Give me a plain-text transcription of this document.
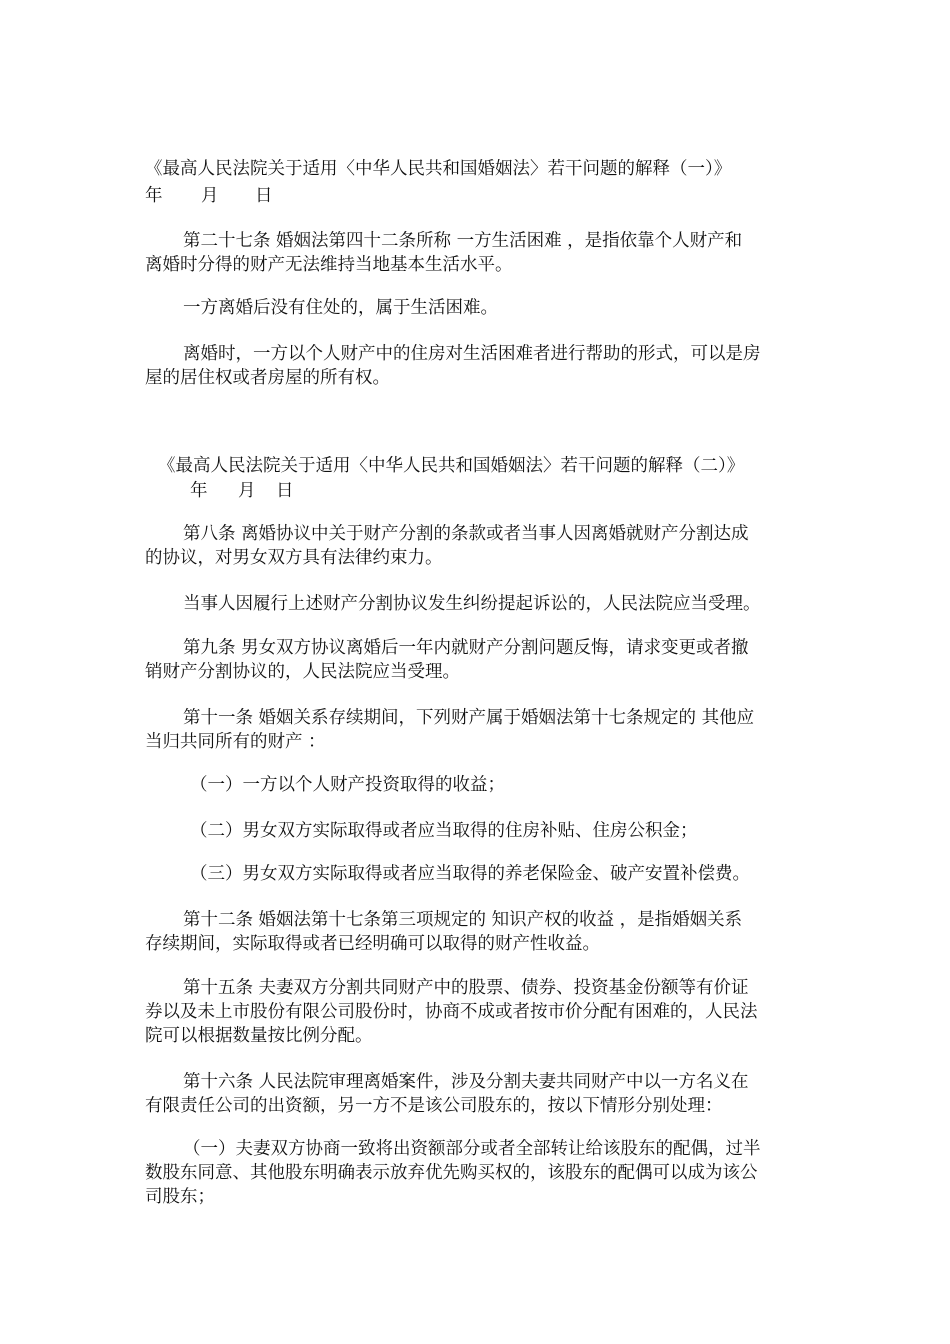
《最高人民法院关于适用〈中华人民共和国婚姻法〉若干问题的解释（一）》
年 月 日
第二十七条 婚姻法第四十二条所称 一方生活困难 ，是指依靠个人财产和
离婚时分得的财产无法维持当地基本生活水平。
一方离婚后没有住处的，属于生活困难。
离婚时，一方以个人财产中的住房对生活困难者进行帮助的形式，可以是房
屋的居住权或者房屋的所有权。
《最高人民法院关于适用〈中华人民共和国婚姻法〉若干问题的解释（二）》
年 月 日
第八条 离婚协议中关于财产分割的条款或者当事人因离婚就财产分割达成
的协议，对男女双方具有法律约束力。
当事人因履行上述财产分割协议发生纠纷提起诉讼的，人民法院应当受理。
第九条 男女双方协议离婚后一年内就财产分割问题反悔，请求变更或者撤
销财产分割协议的，人民法院应当受理。
第十一条 婚姻关系存续期间，下列财产属于婚姻法第十七条规定的 其他应
当归共同所有的财产 ：
（一）一方以个人财产投资取得的收益；
（二）男女双方实际取得或者应当取得的住房补贴、住房公积金；
（三）男女双方实际取得或者应当取得的养老保险金、破产安置补偿费。
第十二条 婚姻法第十七条第三项规定的 知识产权的收益 ，是指婚姻关系
存续期间，实际取得或者已经明确可以取得的财产性收益。
第十五条 夫妻双方分割共同财产中的股票、债券、投资基金份额等有价证
券以及未上市股份有限公司股份时，协商不成或者按市价分配有困难的，人民法
院可以根据数量按比例分配。
第十六条 人民法院审理离婚案件，涉及分割夫妻共同财产中以一方名义在
有限责任公司的出资额，另一方不是该公司股东的，按以下情形分别处理：
（一）夫妻双方协商一致将出资额部分或者全部转让给该股东的配偶，过半
数股东同意、其他股东明确表示放弃优先购买权的，该股东的配偶可以成为该公
司股东；
